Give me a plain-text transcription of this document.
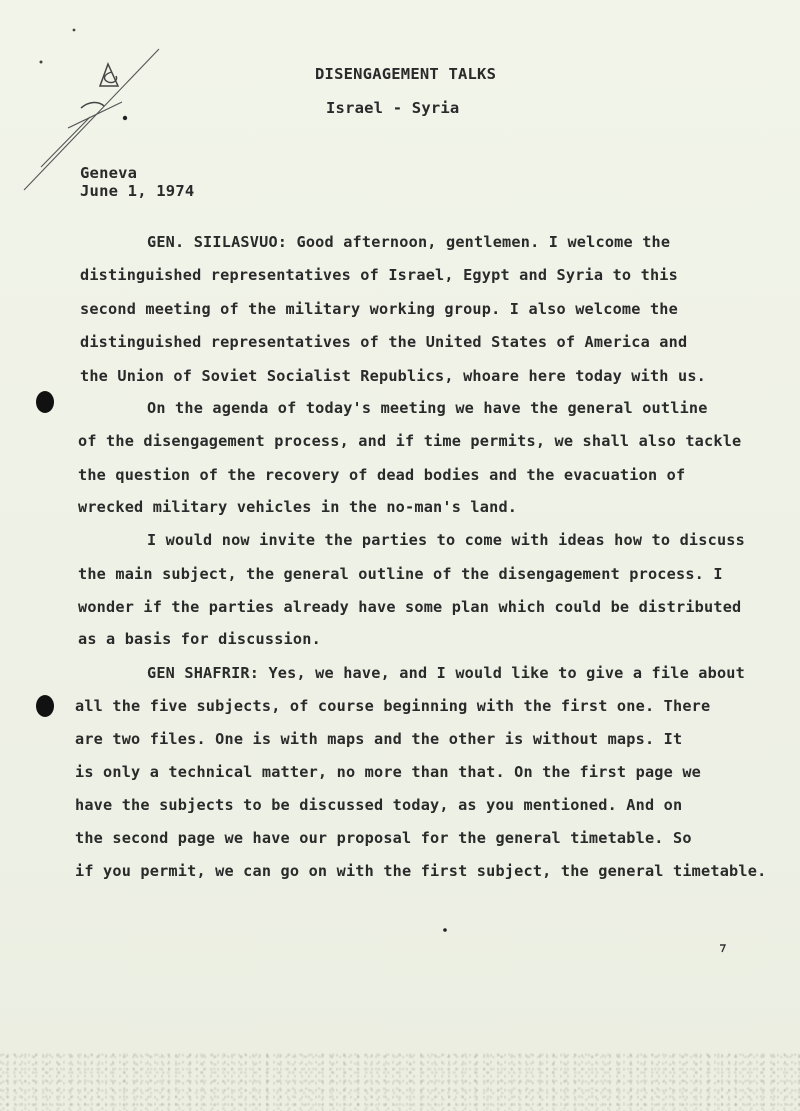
DISENGAGEMENT TALKS
Israel - Syria
Geneva
June 1, 1974
GEN. SIILASVUO: Good afternoon, gentlemen. I welcome the
distinguished representatives of Israel, Egypt and Syria to this
second meeting of the military working group. I also welcome the
distinguished representatives of the United States of America and
the Union of Soviet Socialist Republics, whoare here today with us.
On the agenda of today's meeting we have the general outline
of the disengagement process, and if time permits, we shall also tackle
the question of the recovery of dead bodies and the evacuation of
wrecked military vehicles in the no-man's land.
I would now invite the parties to come with ideas how to discuss
the main subject, the general outline of the disengagement process. I
wonder if the parties already have some plan which could be distributed
as a basis for discussion.
GEN SHAFRIR: Yes, we have, and I would like to give a file about
all the five subjects, of course beginning with the first one. There
are two files. One is with maps and the other is without maps. It
is only a technical matter, no more than that. On the first page we
have the subjects to be discussed today, as you mentioned. And on
the second page we have our proposal for the general timetable. So
if you permit, we can go on with the first subject, the general timetable.
